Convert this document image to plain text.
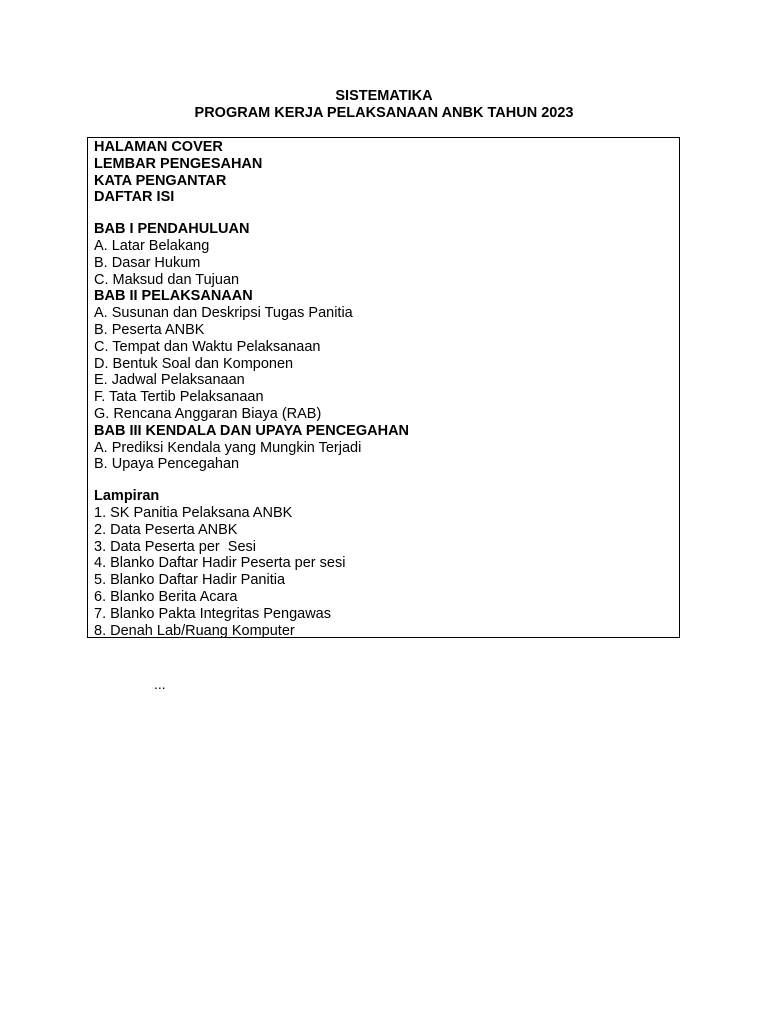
SISTEMATIKA
PROGRAM KERJA PELAKSANAAN ANBK TAHUN 2023
HALAMAN COVER
LEMBAR PENGESAHAN
KATA PENGANTAR
DAFTAR ISI
BAB I PENDAHULUAN
A. Latar Belakang
B. Dasar Hukum
C. Maksud dan Tujuan
BAB II PELAKSANAAN
A. Susunan dan Deskripsi Tugas Panitia
B. Peserta ANBK
C. Tempat dan Waktu Pelaksanaan
D. Bentuk Soal dan Komponen
E. Jadwal Pelaksanaan
F. Tata Tertib Pelaksanaan
G. Rencana Anggaran Biaya (RAB)
BAB III KENDALA DAN UPAYA PENCEGAHAN
A. Prediksi Kendala yang Mungkin Terjadi
B. Upaya Pencegahan
Lampiran
1. SK Panitia Pelaksana ANBK
2. Data Peserta ANBK
3. Data Peserta per  Sesi
4. Blanko Daftar Hadir Peserta per sesi
5. Blanko Daftar Hadir Panitia
6. Blanko Berita Acara
7. Blanko Pakta Integritas Pengawas
8. Denah Lab/Ruang Komputer
...
